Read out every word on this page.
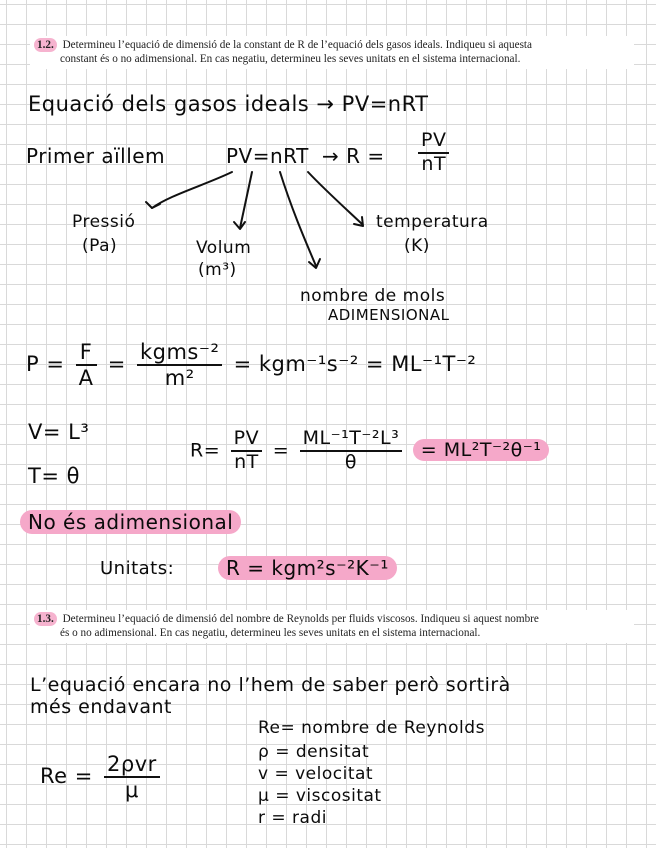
1.2. Determineu l’equació de dimensió de la constant de R de l’equació dels gasos ideals. Indiqueu si aquesta
constant és o no adimensional. En cas negatiu, determineu les seves unitats en el sistema internacional.

Equació dels gasos ideals → PV=nRT

Primer aïllem	$PV=nRT \to R = \frac{PV}{nT}$

Pressió

(Pa)	Volum

(m³)

temperatura

(K)

nombre de mols

ADIMENSIONAL

$P = \frac{F}{A} = \frac{\text{kgms⁻²}}{\text{m²}} = kgm^{-1}s^{-2} = ML^{-1}T^{-2}$

V= L³

T= θ

$R= \frac{PV}{nT} = \frac{\text{ML⁻¹T⁻²L³}}{\theta} = ML^2T^{-2}\theta^{-1}$

No és adimensional

Unitats:	R = kgm²s⁻²K⁻¹

1.3. Determineu l’equació de dimensió del nombre de Reynolds per fluids viscosos. Indiqueu si aquest nombre
és o no adimensional. En cas negatiu, determineu les seves unitats en el sistema internacional.

L’equació encara no l’hem de saber però sortirà

més endavant

$Re = \frac{\text{2ρvr}}{\mu}$

Re= nombre de Reynolds

ρ = densitat

v = velocitat

μ = viscositat

r = radi
